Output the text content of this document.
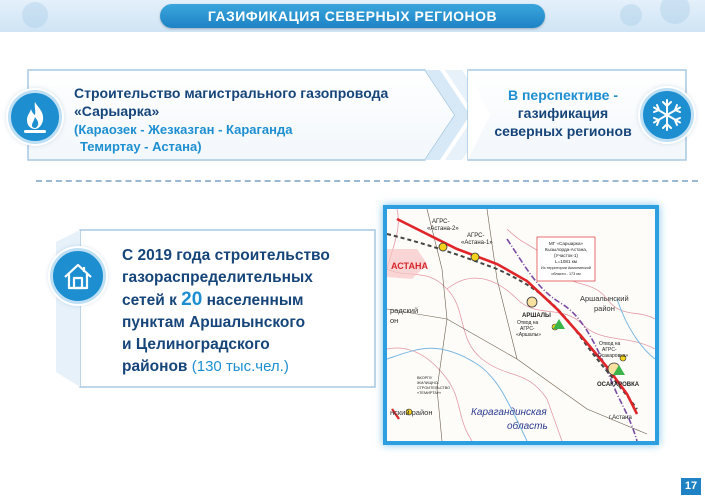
ГАЗИФИКАЦИЯ СЕВЕРНЫХ РЕГИОНОВ
Строительство магистрального газопровода
«Сарыарка»
(Караозек - Жезказган - Караганда
Темиртау - Астана)
В перспективе -
газификация
северных регионов
С 2019 года строительство
газораспределительных
сетей к 20 населенным
пунктам Аршалынского
и Целиноградского
районов (130 тыс.чел.)
АГРС-
«Астана-2»
АГРС-
«Астана-1»
АСТАНА
МГ «Сарыарка»
Кызылорда-Астана,
(Участок-1)
L=1081 км
Из территории Акмолинской
области - 173 км
Аршалынский
район
радский
он
нский район
АРШАЛЫ
ОСАКАРОВКА
Отвод на
АГРС-
«Аршалы»
Отвод на
АГРС-
«Осакаровка»
ВКОРПУ
ЖИЛИЩНО-
СТРОИТЕЛЬСТВО
«ТЕМИРТАУ»
Карагандинская
область
г.Астана
17
